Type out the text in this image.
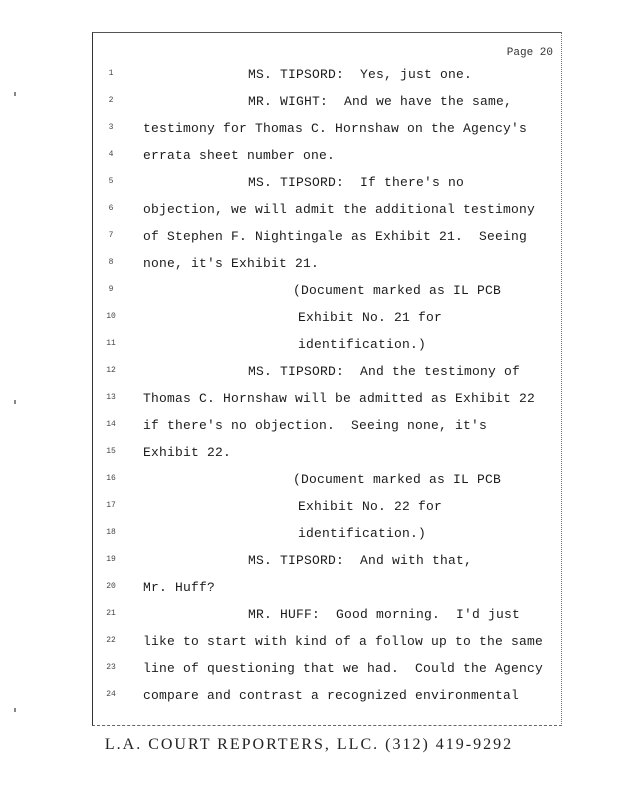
Page 20
1	MS. TIPSORD:  Yes, just one.
2	MR. WIGHT:  And we have the same,
3	testimony for Thomas C. Hornshaw on the Agency's
4	errata sheet number one.
5	MS. TIPSORD:  If there's no
6	objection, we will admit the additional testimony
7	of Stephen F. Nightingale as Exhibit 21.  Seeing
8	none, it's Exhibit 21.
9	(Document marked as IL PCB
10	Exhibit No. 21 for
11	identification.)
12	MS. TIPSORD:  And the testimony of
13	Thomas C. Hornshaw will be admitted as Exhibit 22
14	if there's no objection.  Seeing none, it's
15	Exhibit 22.
16	(Document marked as IL PCB
17	Exhibit No. 22 for
18	identification.)
19	MS. TIPSORD:  And with that,
20	Mr. Huff?
21	MR. HUFF:  Good morning.  I'd just
22	like to start with kind of a follow up to the same
23	line of questioning that we had.  Could the Agency
24	compare and contrast a recognized environmental
L.A. COURT REPORTERS, LLC. (312) 419-9292
